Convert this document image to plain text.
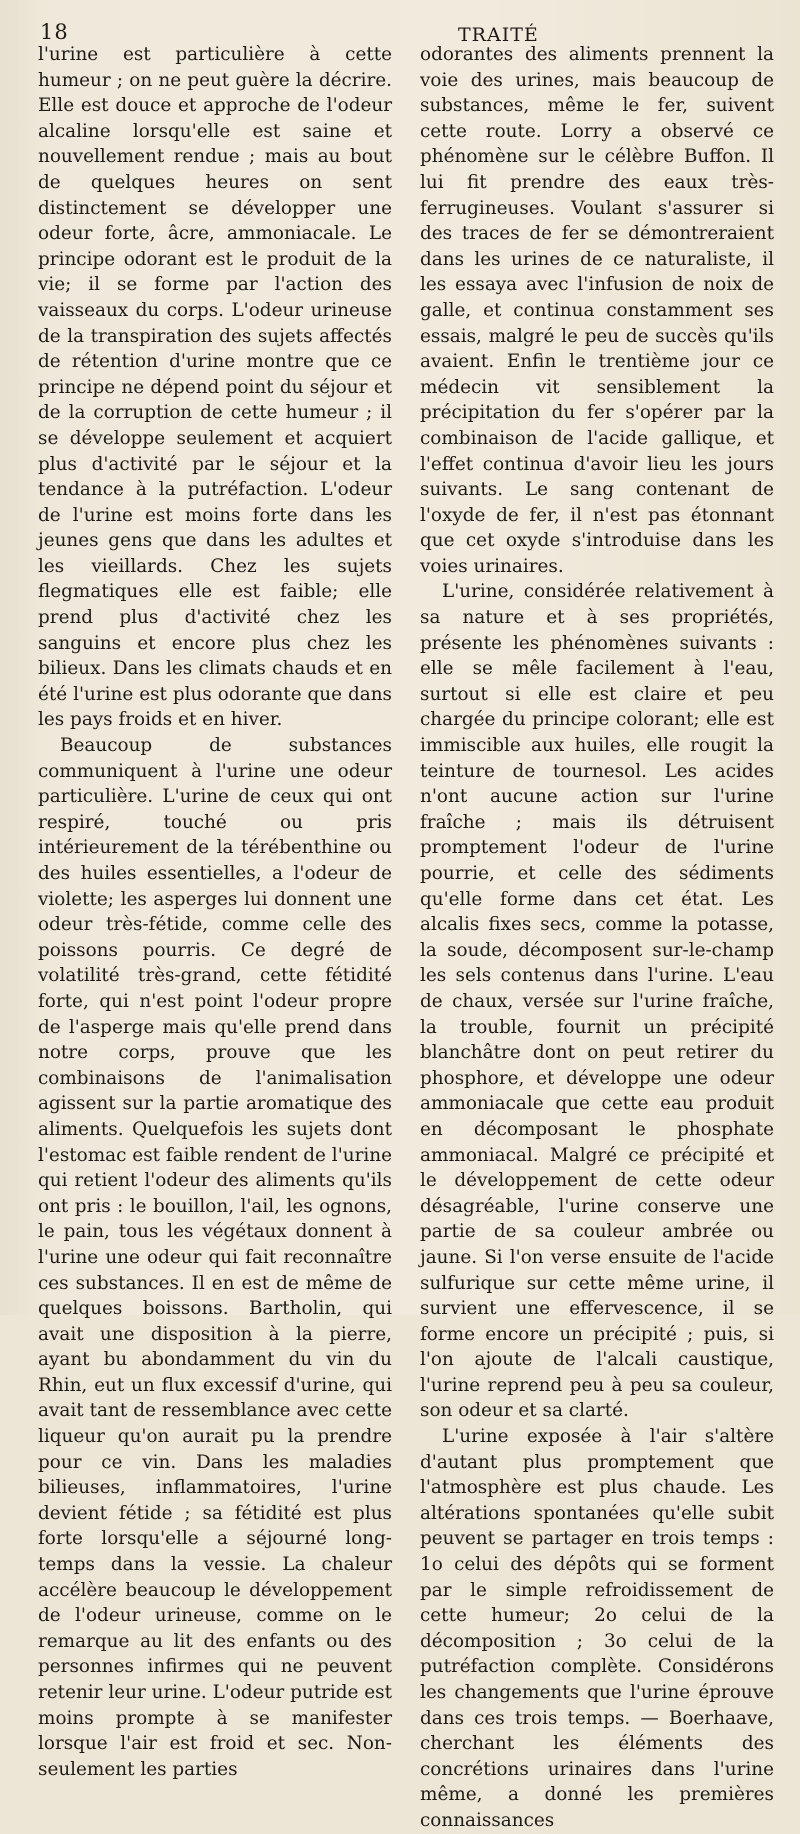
18	TRAITÉ

l'urine est particulière à cette humeur ; on ne peut guère la décrire. Elle est douce et approche de l'odeur alcaline lorsqu'elle est saine et nouvellement rendue ; mais au bout de quelques heures on sent distinctement se développer une odeur forte, âcre, ammoniacale. Le principe odorant est le produit de la vie; il se forme par l'action des vaisseaux du corps. L'odeur urineuse de la transpiration des sujets affectés de rétention d'urine montre que ce principe ne dépend point du séjour et de la corruption de cette humeur ; il se développe seulement et acquiert plus d'activité par le séjour et la tendance à la putréfaction. L'odeur de l'urine est moins forte dans les jeunes gens que dans les adultes et les vieillards. Chez les sujets flegmatiques elle est faible; elle prend plus d'activité chez les sanguins et encore plus chez les bilieux. Dans les climats chauds et en été l'urine est plus odorante que dans les pays froids et en hiver.

Beaucoup de substances communiquent à l'urine une odeur particulière. L'urine de ceux qui ont respiré, touché ou pris intérieurement de la térébenthine ou des huiles essentielles, a l'odeur de violette; les asperges lui donnent une odeur très-fétide, comme celle des poissons pourris. Ce degré de volatilité très-grand, cette fétidité forte, qui n'est point l'odeur propre de l'asperge mais qu'elle prend dans notre corps, prouve que les combinaisons de l'animalisation agissent sur la partie aromatique des aliments. Quelquefois les sujets dont l'estomac est faible rendent de l'urine qui retient l'odeur des aliments qu'ils ont pris : le bouillon, l'ail, les ognons, le pain, tous les végétaux donnent à l'urine une odeur qui fait reconnaître ces substances. Il en est de même de quelques boissons. Bartholin, qui avait une disposition à la pierre, ayant bu abondamment du vin du Rhin, eut un flux excessif d'urine, qui avait tant de ressemblance avec cette liqueur qu'on aurait pu la prendre pour ce vin. Dans les maladies bilieuses, inflammatoires, l'urine devient fétide ; sa fétidité est plus forte lorsqu'elle a séjourné long-temps dans la vessie. La chaleur accélère beaucoup le développement de l'odeur urineuse, comme on le remarque au lit des enfants ou des personnes infirmes qui ne peuvent retenir leur urine. L'odeur putride est moins prompte à se manifester lorsque l'air est froid et sec. Non-seulement les parties

odorantes des aliments prennent la voie des urines, mais beaucoup de substances, même le fer, suivent cette route. Lorry a observé ce phénomène sur le célèbre Buffon. Il lui fit prendre des eaux très-ferrugineuses. Voulant s'assurer si des traces de fer se démontreraient dans les urines de ce naturaliste, il les essaya avec l'infusion de noix de galle, et continua constamment ses essais, malgré le peu de succès qu'ils avaient. Enfin le trentième jour ce médecin vit sensiblement la précipitation du fer s'opérer par la combinaison de l'acide gallique, et l'effet continua d'avoir lieu les jours suivants. Le sang contenant de l'oxyde de fer, il n'est pas étonnant que cet oxyde s'introduise dans les voies urinaires.

L'urine, considérée relativement à sa nature et à ses propriétés, présente les phénomènes suivants : elle se mêle facilement à l'eau, surtout si elle est claire et peu chargée du principe colorant; elle est immiscible aux huiles, elle rougit la teinture de tournesol. Les acides n'ont aucune action sur l'urine fraîche ; mais ils détruisent promptement l'odeur de l'urine pourrie, et celle des sédiments qu'elle forme dans cet état. Les alcalis fixes secs, comme la potasse, la soude, décomposent sur-le-champ les sels contenus dans l'urine. L'eau de chaux, versée sur l'urine fraîche, la trouble, fournit un précipité blanchâtre dont on peut retirer du phosphore, et développe une odeur ammoniacale que cette eau produit en décomposant le phosphate ammoniacal. Malgré ce précipité et le développement de cette odeur désagréable, l'urine conserve une partie de sa couleur ambrée ou jaune. Si l'on verse ensuite de l'acide sulfurique sur cette même urine, il survient une effervescence, il se forme encore un précipité ; puis, si l'on ajoute de l'alcali caustique, l'urine reprend peu à peu sa couleur, son odeur et sa clarté.

L'urine exposée à l'air s'altère d'autant plus promptement que l'atmosphère est plus chaude. Les altérations spontanées qu'elle subit peuvent se partager en trois temps : 1o celui des dépôts qui se forment par le simple refroidissement de cette humeur; 2o celui de la décomposition ; 3o celui de la putréfaction complète. Considérons les changements que l'urine éprouve dans ces trois temps. — Boerhaave, cherchant les éléments des concrétions urinaires dans l'urine même, a donné les premières connaissances
